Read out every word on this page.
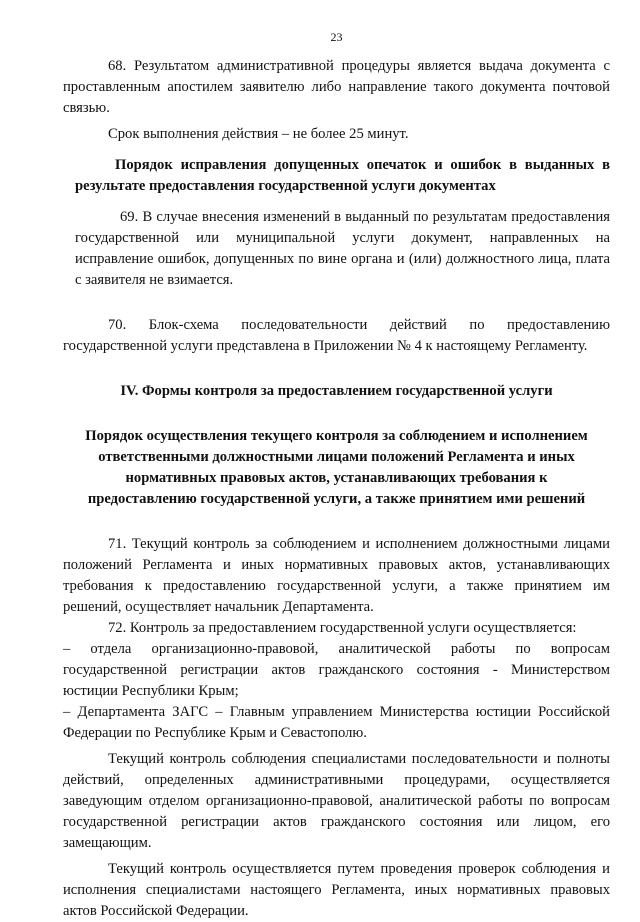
23

68. Результатом административной процедуры является выдача документа с проставленным апостилем заявителю либо направление такого документа почтовой связью.

Срок выполнения действия – не более 25 минут.

Порядок исправления допущенных опечаток и ошибок в выданных в результате предоставления государственной услуги документах

69. В случае внесения изменений в выданный по результатам предоставления государственной или муниципальной услуги документ, направленных на исправление ошибок, допущенных по вине органа и (или) должностного лица, плата с заявителя не взимается.

70. Блок-схема последовательности действий по предоставлению государственной услуги представлена в Приложении № 4 к настоящему Регламенту.

IV. Формы контроля за предоставлением государственной услуги

Порядок осуществления текущего контроля за соблюдением и исполнением ответственными должностными лицами положений Регламента и иных нормативных правовых актов, устанавливающих требования к предоставлению государственной услуги, а также принятием ими решений

71. Текущий контроль за соблюдением и исполнением должностными лицами положений Регламента и иных нормативных правовых актов, устанавливающих требования к предоставлению государственной услуги, а также принятием им решений, осуществляет начальник Департамента.

72. Контроль за предоставлением государственной услуги осуществляется:

– отдела организационно-правовой, аналитической работы по вопросам государственной регистрации актов гражданского состояния - Министерством юстиции Республики Крым;

– Департамента ЗАГС – Главным управлением Министерства юстиции Российской Федерации по Республике Крым и Севастополю.

Текущий контроль соблюдения специалистами последовательности и полноты действий, определенных административными процедурами, осуществляется заведующим отделом организационно-правовой, аналитической работы по вопросам государственной регистрации актов гражданского состояния или лицом, его замещающим.

Текущий контроль осуществляется путем проведения проверок соблюдения и исполнения специалистами настоящего Регламента, иных нормативных правовых актов Российской Федерации.
